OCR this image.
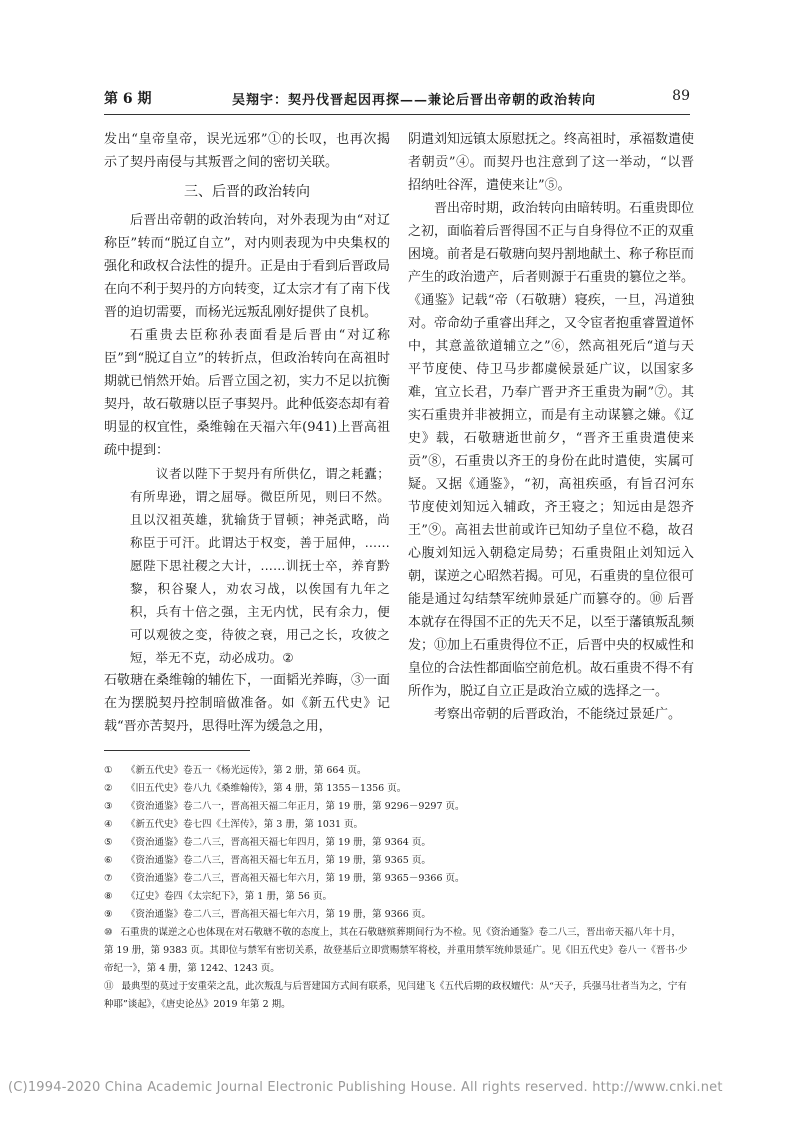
第 6 期	吴翔宇：契丹伐晋起因再探——兼论后晋出帝朝的政治转向	89

发出“皇帝皇帝，误光远邪”①的长叹，也再次揭示了契丹南侵与其叛晋之间的密切关联。

三、后晋的政治转向

后晋出帝朝的政治转向，对外表现为由“对辽称臣”转而“脱辽自立”，对内则表现为中央集权的强化和政权合法性的提升。正是由于看到后晋政局在向不利于契丹的方向转变，辽太宗才有了南下伐晋的迫切需要，而杨光远叛乱刚好提供了良机。

石重贵去臣称孙表面看是后晋由“对辽称臣”到“脱辽自立”的转折点，但政治转向在高祖时期就已悄然开始。后晋立国之初，实力不足以抗衡契丹，故石敬瑭以臣子事契丹。此种低姿态却有着明显的权宜性，桑维翰在天福六年(941)上晋高祖疏中提到：

议者以陛下于契丹有所供亿，谓之耗蠹；有所卑逊，谓之屈辱。微臣所见，则曰不然。且以汉祖英雄，犹输货于冒顿；神尧武略，尚称臣于可汗。此谓达于权变，善于屈伸，……愿陛下思社稷之大计，……训抚士卒，养育黔黎，积谷聚人，劝农习战，以俟国有九年之积，兵有十倍之强，主无内忧，民有余力，便可以观彼之变，待彼之衰，用己之长，攻彼之短，举无不克，动必成功。②

石敬瑭在桑维翰的辅佐下，一面韬光养晦，③一面在为摆脱契丹控制暗做准备。如《新五代史》记载“晋亦苦契丹，思得吐浑为缓急之用，

阴遣刘知远镇太原慰抚之。终高祖时，承福数遣使者朝贡”④。而契丹也注意到了这一举动，“以晋招纳吐谷浑，遣使来让”⑤。

晋出帝时期，政治转向由暗转明。石重贵即位之初，面临着后晋得国不正与自身得位不正的双重困境。前者是石敬瑭向契丹割地献土、称子称臣而产生的政治遗产，后者则源于石重贵的篡位之举。《通鉴》记载“帝（石敬瑭）寝疾，一旦，冯道独对。帝命幼子重睿出拜之，又令宦者抱重睿置道怀中，其意盖欲道辅立之”⑥，然高祖死后“道与天平节度使、侍卫马步都虞候景延广议，以国家多难，宜立长君，乃奉广晋尹齐王重贵为嗣”⑦。其实石重贵并非被拥立，而是有主动谋篡之嫌。《辽史》载，石敬瑭逝世前夕，“晋齐王重贵遣使来贡”⑧，石重贵以齐王的身份在此时遣使，实属可疑。又据《通鉴》，“初，高祖疾亟，有旨召河东节度使刘知远入辅政，齐王寝之；知远由是怨齐王”⑨。高祖去世前或许已知幼子皇位不稳，故召心腹刘知远入朝稳定局势；石重贵阻止刘知远入朝，谋逆之心昭然若揭。可见，石重贵的皇位很可能是通过勾结禁军统帅景延广而篡夺的。⑩ 后晋本就存在得国不正的先天不足，以至于藩镇叛乱频发；⑪加上石重贵得位不正，后晋中央的权威性和皇位的合法性都面临空前危机。故石重贵不得不有所作为，脱辽自立正是政治立威的选择之一。

考察出帝朝的后晋政治，不能绕过景延广。

① 《新五代史》卷五一《杨光远传》，第 2 册，第 664 页。
② 《旧五代史》卷八九《桑维翰传》，第 4 册，第 1355－1356 页。
③ 《资治通鉴》卷二八一，晋高祖天福二年正月，第 19 册，第 9296－9297 页。
④ 《新五代史》卷七四《土浑传》，第 3 册，第 1031 页。
⑤ 《资治通鉴》卷二八三，晋高祖天福七年四月，第 19 册，第 9364 页。
⑥ 《资治通鉴》卷二八三，晋高祖天福七年五月，第 19 册，第 9365 页。
⑦ 《资治通鉴》卷二八三，晋高祖天福七年六月，第 19 册，第 9365－9366 页。
⑧ 《辽史》卷四《太宗纪下》，第 1 册，第 56 页。
⑨ 《资治通鉴》卷二八三，晋高祖天福七年六月，第 19 册，第 9366 页。
⑩ 石重贵的谋逆之心也体现在对石敬瑭不敬的态度上，其在石敬瑭殡葬期间行为不检。见《资治通鉴》卷二八三，晋出帝天福八年十月，第 19 册，第 9383 页。其即位与禁军有密切关系，故登基后立即赏赐禁军将校，并重用禁军统帅景延广。见《旧五代史》卷八一《晋书·少帝纪一》，第 4 册，第 1242、1243 页。
⑪ 最典型的莫过于安重荣之乱，此次叛乱与后晋建国方式间有联系，见闫建飞《五代后期的政权嬗代：从“天子，兵强马壮者当为之，宁有种耶”谈起》，《唐史论丛》2019 年第 2 期。
(C)1994-2020 China Academic Journal Electronic Publishing House. All rights reserved. http://www.cnki.net
